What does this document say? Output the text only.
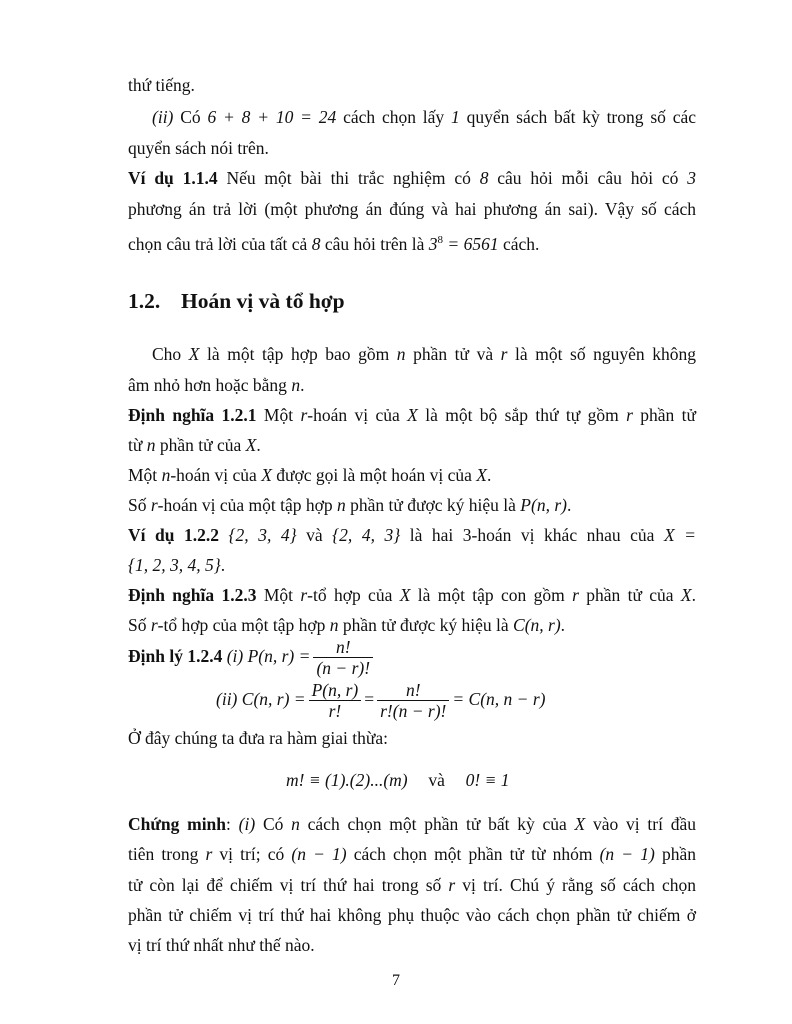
thứ tiếng.
(ii) Có 6 + 8 + 10 = 24 cách chọn lấy 1 quyển sách bất kỳ trong số các
quyển sách nói trên.
Ví dụ 1.1.4 Nếu một bài thi trắc nghiệm có 8 câu hỏi mỗi câu hỏi có 3
phương án trả lời (một phương án đúng và hai phương án sai). Vậy số cách
chọn câu trả lời của tất cả 8 câu hỏi trên là $3^8 = 6561$ cách.
1.2. Hoán vị và tổ hợp
Cho X là một tập hợp bao gồm n phần tử và r là một số nguyên không
âm nhỏ hơn hoặc bằng n.
Định nghĩa 1.2.1 Một r-hoán vị của X là một bộ sắp thứ tự gồm r phần tử
từ n phần tử của X.
Một n-hoán vị của X được gọi là một hoán vị của X.
Số r-hoán vị của một tập hợp n phần tử được ký hiệu là P(n, r).
Ví dụ 1.2.2 {2, 3, 4} và {2, 4, 3} là hai 3-hoán vị khác nhau của X =
{1, 2, 3, 4, 5}.
Định nghĩa 1.2.3 Một r-tổ hợp của X là một tập con gồm r phần tử của X.
Số r-tổ hợp của một tập hợp n phần tử được ký hiệu là C(n, r).
Định lý 1.2.4 (i) P(n, $r) = \frac{n!}{(n - r)!}$
(ii) C(n, $r) = \frac{P(n, r)}{r!} = \frac{n!}{r!(n - r)!} = C(n$, n − r)
Ở đây chúng ta đưa ra hàm giai thừa:
m! ≡ (1).(2)...(m) và 0! ≡ 1
Chứng minh: (i) Có n cách chọn một phần tử bất kỳ của X vào vị trí đầu
tiên trong r vị trí; có (n − 1) cách chọn một phần tử từ nhóm (n − 1) phần
tử còn lại để chiếm vị trí thứ hai trong số r vị trí. Chú ý rằng số cách chọn
phần tử chiếm vị trí thứ hai không phụ thuộc vào cách chọn phần tử chiếm ở
vị trí thứ nhất như thế nào.
7
